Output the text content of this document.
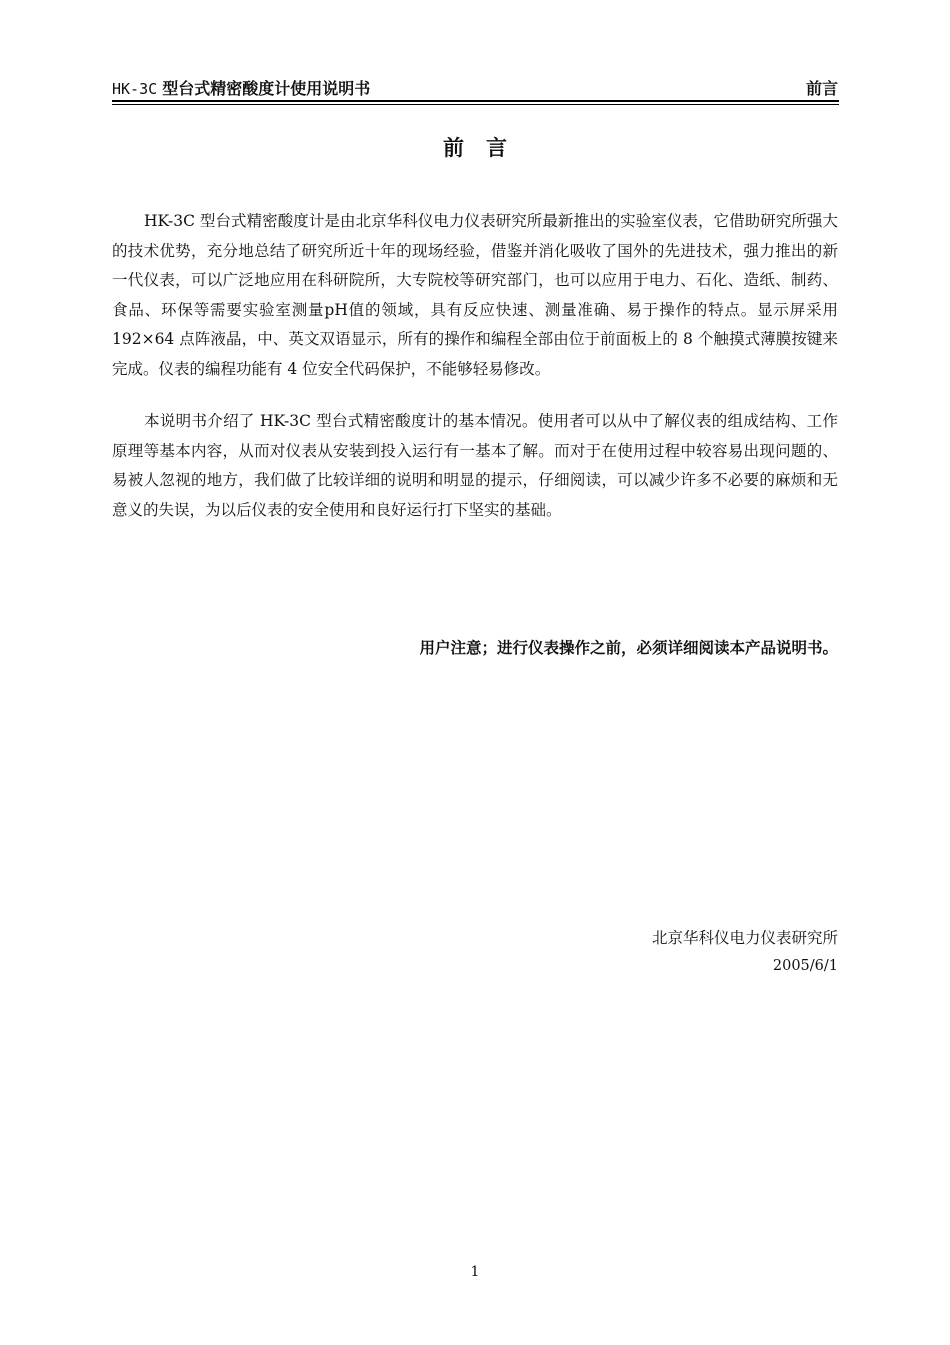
HK-3C 型台式精密酸度计使用说明书	前言
前言

HK-3C 型台式精密酸度计是由北京华科仪电力仪表研究所最新推出的实验室仪表，它借助研究所强大的技术优势，充分地总结了研究所近十年的现场经验，借鉴并消化吸收了国外的先进技术，强力推出的新一代仪表，可以广泛地应用在科研院所，大专院校等研究部门，也可以应用于电力、石化、造纸、制药、食品、环保等需要实验室测量pH值的领域，具有反应快速、测量准确、易于操作的特点。显示屏采用 192×64 点阵液晶，中、英文双语显示，所有的操作和编程全部由位于前面板上的 8 个触摸式薄膜按键来完成。仪表的编程功能有 4 位安全代码保护，不能够轻易修改。

本说明书介绍了 HK-3C 型台式精密酸度计的基本情况。使用者可以从中了解仪表的组成结构、工作原理等基本内容，从而对仪表从安装到投入运行有一基本了解。而对于在使用过程中较容易出现问题的、易被人忽视的地方，我们做了比较详细的说明和明显的提示，仔细阅读，可以减少许多不必要的麻烦和无意义的失误，为以后仪表的安全使用和良好运行打下坚实的基础。

用户注意；进行仪表操作之前，必须详细阅读本产品说明书。
北京华科仪电力仪表研究所
2005/6/1
1
